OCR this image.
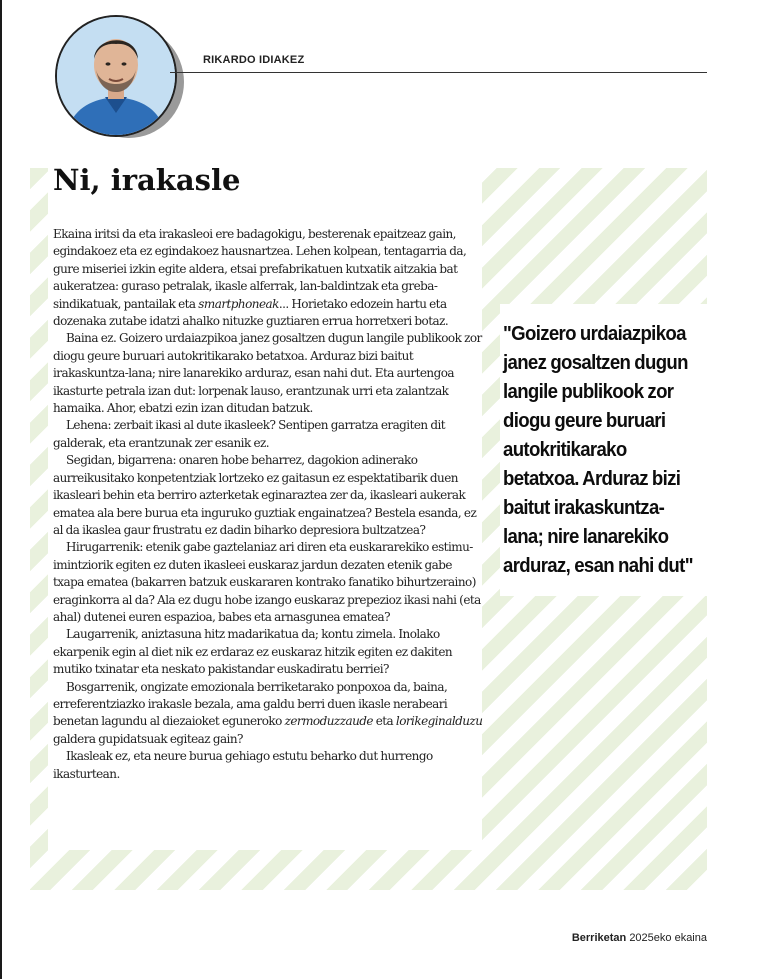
RIKARDO IDIAKEZ
Ni, irakasle

Ekaina iritsi da eta irakasleoi ere badagokigu, besterenak epaitzeaz gain, egindakoez eta ez egindakoez hausnartzea. Lehen kolpean, tentagarria da, gure miseriei izkin egite aldera, etsai prefabrikatuen kutxatik aitzakia bat aukeratzea: guraso petralak, ikasle alferrak, lan-baldintzak eta greba-sindikatuak, pantailak eta smartphoneak... Horietako edozein hartu eta dozenaka zutabe idatzi ahalko nituzke guztiaren errua horretxeri botaz.

Baina ez. Goizero urdaiazpikoa janez gosaltzen dugun langile publikook zor diogu geure buruari autokritikarako betatxoa. Arduraz bizi baitut irakaskuntza-lana; nire lanarekiko arduraz, esan nahi dut. Eta aurtengoa ikasturte petrala izan dut: lorpenak lauso, erantzunak urri eta zalantzak hamaika. Ahor, ebatzi ezin izan ditudan batzuk.

Lehena: zerbait ikasi al dute ikasleek? Sentipen garratza eragiten dit galderak, eta erantzunak zer esanik ez.

Segidan, bigarrena: onaren hobe beharrez, dagokion adinerako aurreikusitako konpetentziak lortzeko ez gaitasun ez espektatibarik duen ikasleari behin eta berriro azterketak eginaraztea zer da, ikasleari aukerak ematea ala bere burua eta inguruko guztiak engainatzea? Bestela esanda, ez al da ikaslea gaur frustratu ez dadin biharko depresiora bultzatzea?

Hirugarrenik: etenik gabe gaztelaniaz ari diren eta euskararekiko estimu-imintziorik egiten ez duten ikasleei euskaraz jardun dezaten etenik gabe txapa ematea (bakarren batzuk euskararen kontrako fanatiko bihurtzeraino) eraginkorra al da? Ala ez dugu hobe izango euskaraz prepezioz ikasi nahi (eta ahal) dutenei euren espazioa, babes eta arnasgunea ematea?

Laugarrenik, aniztasuna hitz madarikatua da; kontu zimela. Inolako ekarpenik egin al diet nik ez erdaraz ez euskaraz hitzik egiten ez dakiten mutiko txinatar eta neskato pakistandar euskadiratu berriei?

Bosgarrenik, ongizate emozionala berriketarako ponpoxoa da, baina, erreferentziazko irakasle bezala, ama galdu berri duen ikasle nerabeari benetan lagundu al diezaioket eguneroko zermoduzzaude eta lorikeginalduzu galdera gupidatsuak egiteaz gain?

Ikasleak ez, eta neure burua gehiago estutu beharko dut hurrengo ikasturtean.

"Goizero urdaiazpikoa
janez gosaltzen dugun
langile publikook zor
diogu geure buruari
autokritikarako
betatxoa. Arduraz bizi
baitut irakaskuntza-
lana; nire lanarekiko
arduraz, esan nahi dut"
Berriketan 2025eko ekaina
